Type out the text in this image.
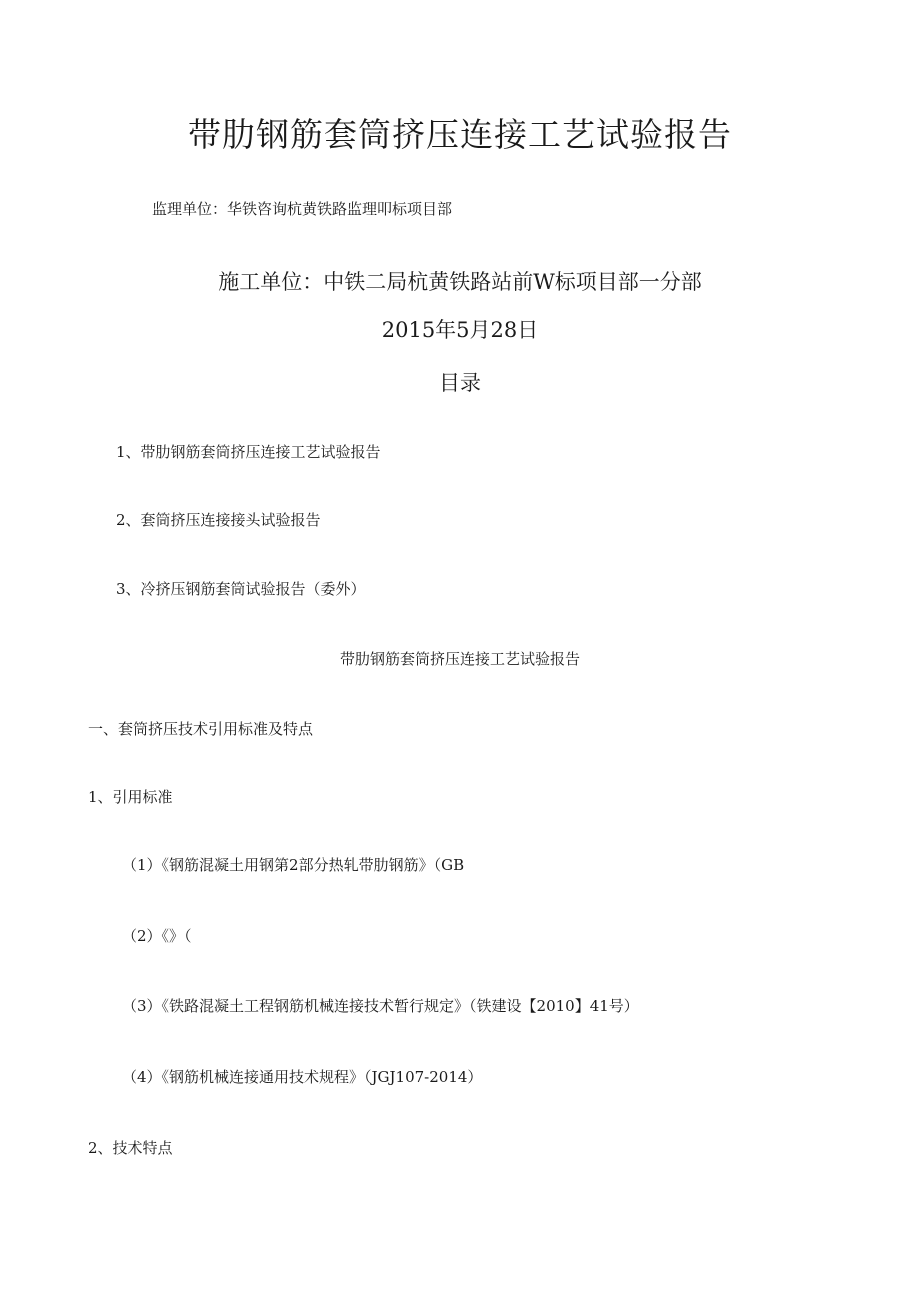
带肋钢筋套筒挤压连接工艺试验报告
监理单位：华铁咨询杭黄铁路监理叩标项目部
施工单位：中铁二局杭黄铁路站前W标项目部一分部
2015年5月28日
目录
1、带肋钢筋套筒挤压连接工艺试验报告
2、套筒挤压连接接头试验报告
3、冷挤压钢筋套筒试验报告（委外）
带肋钢筋套筒挤压连接工艺试验报告
一、套筒挤压技术引用标准及特点
1、引用标准
（1）《钢筋混凝土用钢第2部分热轧带肋钢筋》（GB
（2）《》（
（3）《铁路混凝土工程钢筋机械连接技术暂行规定》（铁建设【2010】41号）
（4）《钢筋机械连接通用技术规程》（JGJ107-2014）
2、技术特点
